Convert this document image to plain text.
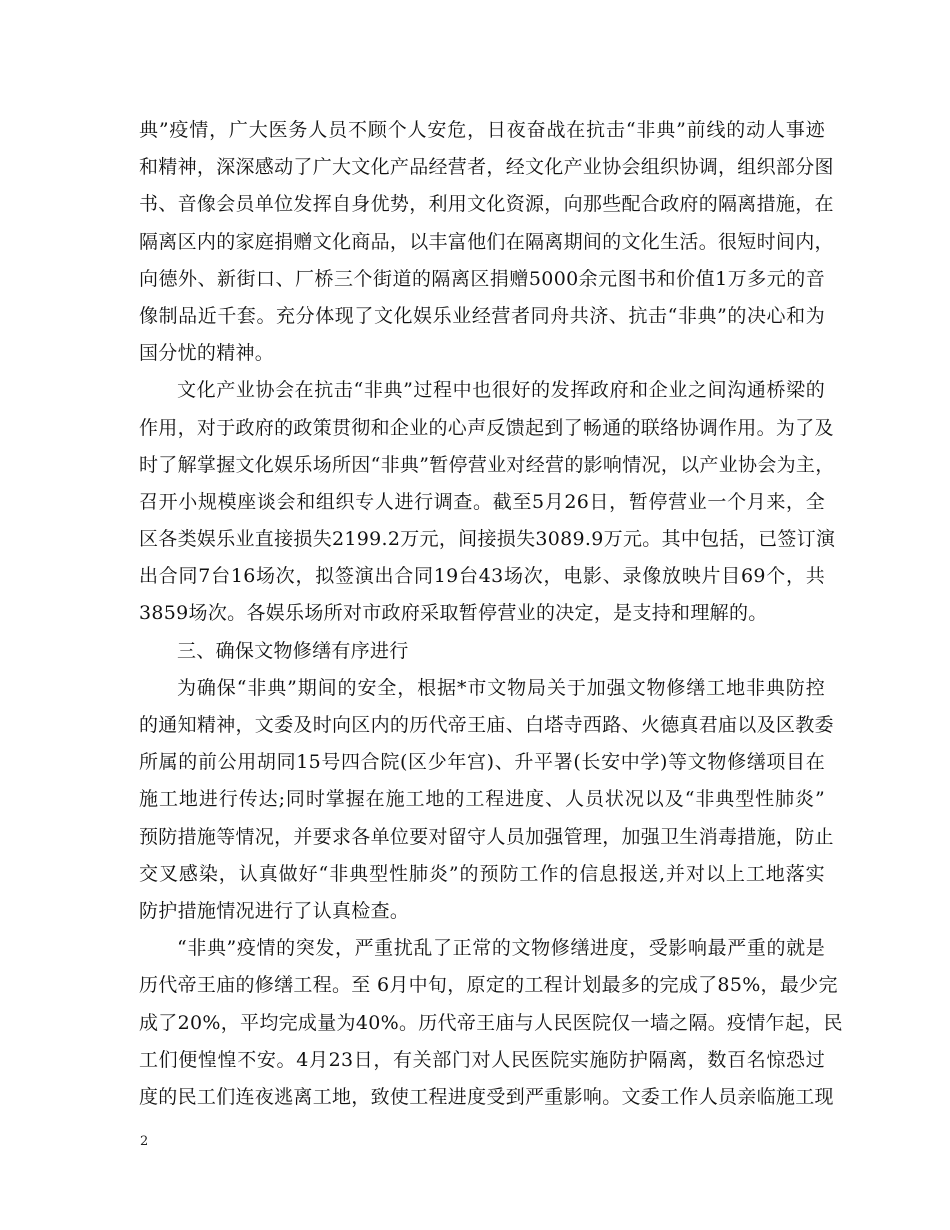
典”疫情，广大医务人员不顾个人安危，日夜奋战在抗击“非典”前线的动人事迹
和精神，深深感动了广大文化产品经营者，经文化产业协会组织协调，组织部分图
书、音像会员单位发挥自身优势，利用文化资源，向那些配合政府的隔离措施，在
隔离区内的家庭捐赠文化商品，以丰富他们在隔离期间的文化生活。很短时间内，
向德外、新街口、厂桥三个街道的隔离区捐赠5000余元图书和价值1万多元的音
像制品近千套。充分体现了文化娱乐业经营者同舟共济、抗击“非典”的决心和为
国分忧的精神。
文化产业协会在抗击“非典”过程中也很好的发挥政府和企业之间沟通桥梁的
作用，对于政府的政策贯彻和企业的心声反馈起到了畅通的联络协调作用。为了及
时了解掌握文化娱乐场所因“非典”暂停营业对经营的影响情况，以产业协会为主，
召开小规模座谈会和组织专人进行调查。截至5月26日，暂停营业一个月来，全
区各类娱乐业直接损失2199.2万元，间接损失3089.9万元。其中包括，已签订演
出合同7台16场次，拟签演出合同19台43场次，电影、录像放映片目69个，共
3859场次。各娱乐场所对市政府采取暂停营业的决定，是支持和理解的。
三、确保文物修缮有序进行
为确保“非典”期间的安全，根据*市文物局关于加强文物修缮工地非典防控
的通知精神，文委及时向区内的历代帝王庙、白塔寺西路、火德真君庙以及区教委
所属的前公用胡同15号四合院(区少年宫)、升平署(长安中学)等文物修缮项目在
施工地进行传达;同时掌握在施工地的工程进度、人员状况以及“非典型性肺炎”
预防措施等情况，并要求各单位要对留守人员加强管理，加强卫生消毒措施，防止
交叉感染，认真做好“非典型性肺炎”的预防工作的信息报送,并对以上工地落实
防护措施情况进行了认真检查。
“非典”疫情的突发，严重扰乱了正常的文物修缮进度，受影响最严重的就是
历代帝王庙的修缮工程。至 6月中旬，原定的工程计划最多的完成了85%，最少完
成了20%，平均完成量为40%。历代帝王庙与人民医院仅一墙之隔。疫情乍起，民
工们便惶惶不安。4月23日，有关部门对人民医院实施防护隔离，数百名惊恐过
度的民工们连夜逃离工地，致使工程进度受到严重影响。文委工作人员亲临施工现
2
